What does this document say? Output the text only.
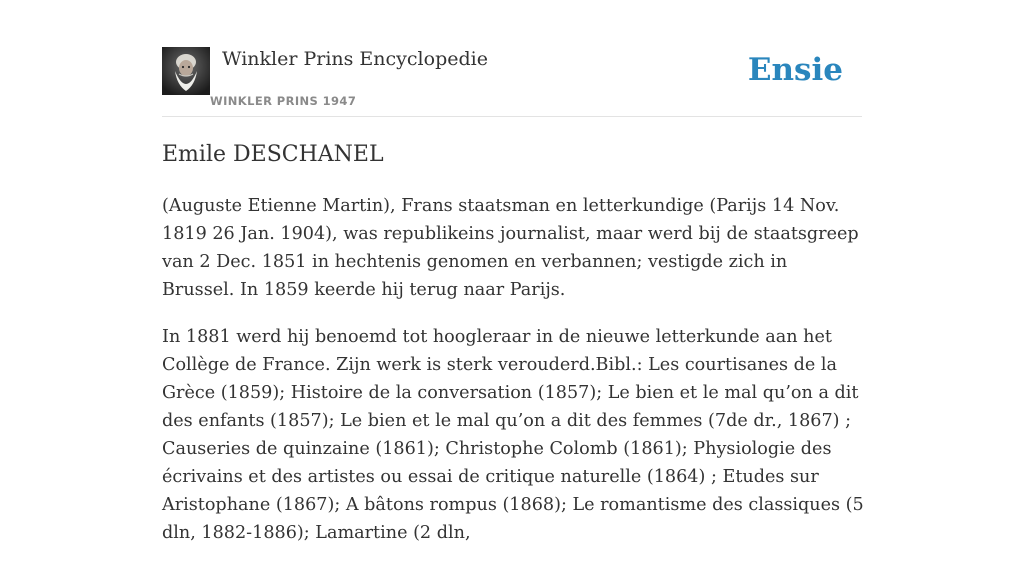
Winkler Prins Encyclopedie
WINKLER PRINS 1947
Ensie
Emile DESCHANEL

(Auguste Etienne Martin), Frans staatsman en letterkundige (Parijs 14 Nov. 1819 26 Jan. 1904), was republikeins journalist, maar werd bij de staatsgreep van 2 Dec. 1851 in hechtenis genomen en verbannen; vestigde zich in Brussel. In 1859 keerde hij terug naar Parijs.

In 1881 werd hij benoemd tot hoogleraar in de nieuwe letterkunde aan het Collège de France. Zijn werk is sterk verouderd.Bibl.: Les courtisanes de la Grèce (1859); Histoire de la conversation (1857); Le bien et le mal qu’on a dit des enfants (1857); Le bien et le mal qu’on a dit des femmes (7de dr., 1867) ; Causeries de quinzaine (1861); Christophe Colomb (1861); Physiologie des écrivains et des artistes ou essai de critique naturelle (1864) ; Etudes sur Aristophane (1867); A bâtons rompus (1868); Le romantisme des classiques (5 dln, 1882-1886); Lamartine (2 dln,
